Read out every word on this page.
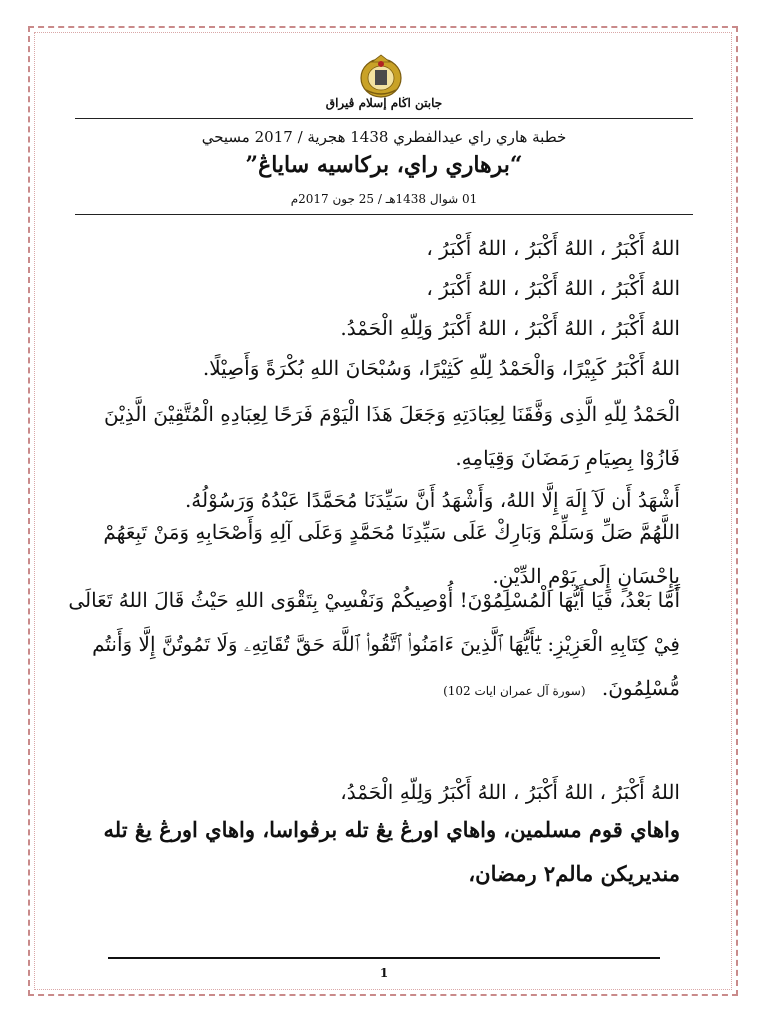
جابتن اڬام إسلام ڤيراق
خطبة هاري راي عيدالفطري 1438 هجرية / 2017 مسيحي
“برهاري راي، برکاسيه ساياڠ”
01 شوال 1438هـ / 25 جون 2017م
اللهُ أَكْبَرُ ، اللهُ أَكْبَرُ ، اللهُ أَكْبَرُ ،
اللهُ أَكْبَرُ ، اللهُ أَكْبَرُ ، اللهُ أَكْبَرُ ،
اللهُ أَكْبَرُ ، اللهُ أَكْبَرُ ، اللهُ أَكْبَرُ وَلِلّهِ الْحَمْدُ.
اللهُ أَكْبَرُ كَبِيْرًا، وَالْحَمْدُ لِلّهِ كَثِيْرًا، وَسُبْحَانَ اللهِ بُكْرَةً وَأَصِيْلًا.
الْحَمْدُ لِلّهِ الَّذِى وَفَّقَنَا لِعِبَادَتِهِ وَجَعَلَ هَذَا الْيَوْمَ فَرَحًا لِعِبَادِهِ الْمُتَّقِيْنَ الَّذِيْنَ
فَازُوْا بِصِيَامِ رَمَضَانَ وَقِيَامِهِ.
أَشْهَدُ أَن لَآ إِلَهَ إِلَّا اللهُ، وَأَشْهَدُ أَنَّ سَيِّدَنَا مُحَمَّدًا عَبْدُهُ وَرَسُوْلُهُ.
اللَّهُمَّ صَلِّ وَسَلِّمْ وَبَارِكْ عَلَى سَيِّدِنَا مُحَمَّدٍ وَعَلَى آلِهِ وَأَصْحَابِهِ وَمَنْ تَبِعَهُمْ
بِإِحْسَانٍ إِلَى يَوْمِ الدِّيْنِ.
أَمَّا بَعْدُ، فَيَا أَيُّهَا الْمُسْلِمُوْنَ! أُوْصِيكُمْ وَنَفْسِيْ بِتَقْوَى اللهِ حَيْثُ قَالَ اللهُ تَعَالَى
فِيْ كِتَابِهِ الْعَزِيْزِ: يَٰٓأَيُّهَا ٱلَّذِينَ ءَامَنُوا۟ ٱتَّقُوا۟ ٱللَّهَ حَقَّ تُقَاتِهِۦ وَلَا تَمُوتُنَّ إِلَّا وَأَنتُم
مُّسْلِمُونَ. (سورة آل عمران ايات 102)
اللهُ أَكْبَرُ ، اللهُ أَكْبَرُ ، اللهُ أَكْبَرُ وَلِلّهِ الْحَمْدُ،
واهاي قوم مسلمين، واهاي اورڠ يڠ تله برڤواسا، واهاي اورڠ يڠ تله
منديريکن مالم٢ رمضان،
1
